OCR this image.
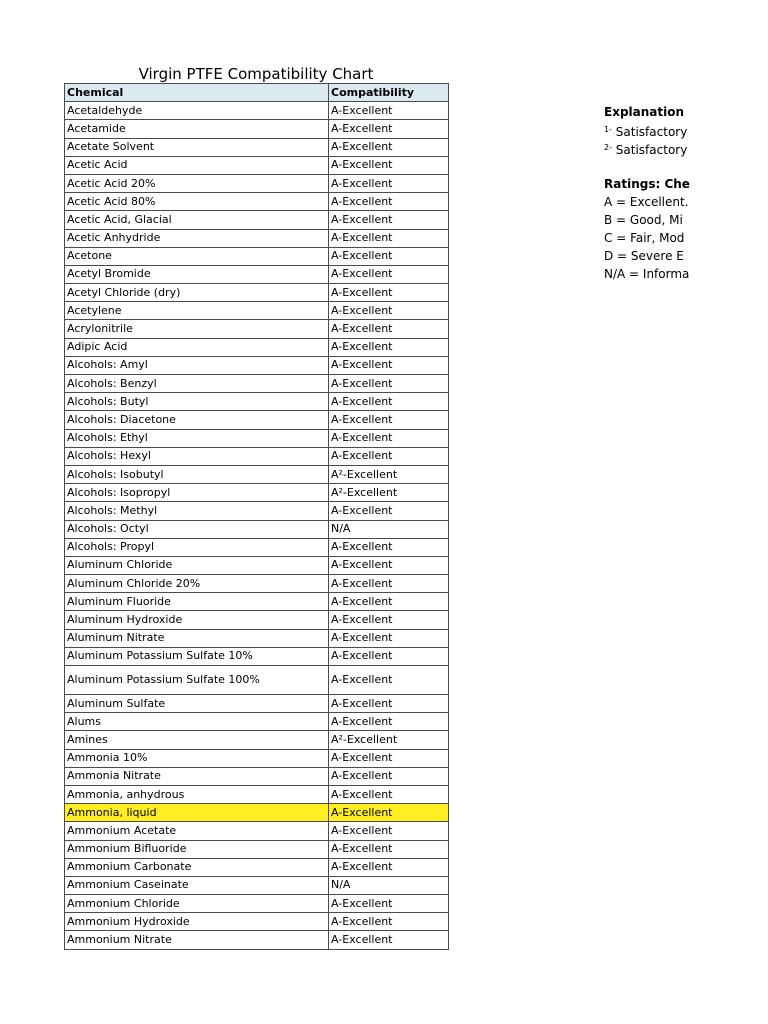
Virgin PTFE Compatibility Chart
Chemical	Compatibility
Acetaldehyde	A-Excellent
Acetamide	A-Excellent
Acetate Solvent	A-Excellent
Acetic Acid	A-Excellent
Acetic Acid 20%	A-Excellent
Acetic Acid 80%	A-Excellent
Acetic Acid, Glacial	A-Excellent
Acetic Anhydride	A-Excellent
Acetone	A-Excellent
Acetyl Bromide	A-Excellent
Acetyl Chloride (dry)	A-Excellent
Acetylene	A-Excellent
Acrylonitrile	A-Excellent
Adipic Acid	A-Excellent
Alcohols: Amyl	A-Excellent
Alcohols: Benzyl	A-Excellent
Alcohols: Butyl	A-Excellent
Alcohols: Diacetone	A-Excellent
Alcohols: Ethyl	A-Excellent
Alcohols: Hexyl	A-Excellent
Alcohols: Isobutyl	A²-Excellent
Alcohols: Isopropyl	A²-Excellent
Alcohols: Methyl	A-Excellent
Alcohols: Octyl	N/A
Alcohols: Propyl	A-Excellent
Aluminum Chloride	A-Excellent
Aluminum Chloride 20%	A-Excellent
Aluminum Fluoride	A-Excellent
Aluminum Hydroxide	A-Excellent
Aluminum Nitrate	A-Excellent
Aluminum Potassium Sulfate 10%	A-Excellent
Aluminum Potassium Sulfate 100%	A-Excellent
Aluminum Sulfate	A-Excellent
Alums	A-Excellent
Amines	A²-Excellent
Ammonia 10%	A-Excellent
Ammonia Nitrate	A-Excellent
Ammonia, anhydrous	A-Excellent
Ammonia, liquid	A-Excellent
Ammonium Acetate	A-Excellent
Ammonium Bifluoride	A-Excellent
Ammonium Carbonate	A-Excellent
Ammonium Caseinate	N/A
Ammonium Chloride	A-Excellent
Ammonium Hydroxide	A-Excellent
Ammonium Nitrate	A-Excellent
Explanation
$^{1-}$ Satisfactory
$^{2-}$ Satisfactory
Ratings: Che
A = Excellent.
B = Good, Mi
C = Fair, Mod
D = Severe E
N/A = Informa
